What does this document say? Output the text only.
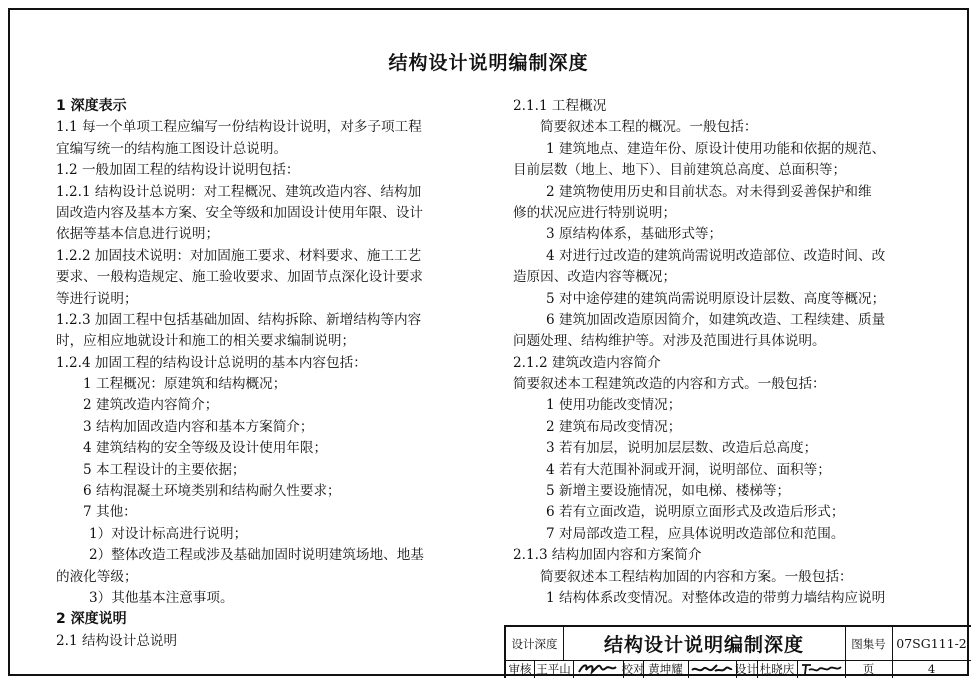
结构设计说明编制深度
1 深度表示
1.1 每一个单项工程应编写一份结构设计说明，对多子项工程
宜编写统一的结构施工图设计总说明。
1.2 一般加固工程的结构设计说明包括：
1.2.1 结构设计总说明：对工程概况、建筑改造内容、结构加
固改造内容及基本方案、安全等级和加固设计使用年限、设计
依据等基本信息进行说明；
1.2.2 加固技术说明：对加固施工要求、材料要求、施工工艺
要求、一般构造规定、施工验收要求、加固节点深化设计要求
等进行说明；
1.2.3 加固工程中包括基础加固、结构拆除、新增结构等内容
时，应相应地就设计和施工的相关要求编制说明；
1.2.4 加固工程的结构设计总说明的基本内容包括：
1 工程概况：原建筑和结构概况；
2 建筑改造内容简介；
3 结构加固改造内容和基本方案简介；
4 建筑结构的安全等级及设计使用年限；
5 本工程设计的主要依据；
6 结构混凝土环境类别和结构耐久性要求；
7 其他：
1）对设计标高进行说明；
2）整体改造工程或涉及基础加固时说明建筑场地、地基
的液化等级；
3）其他基本注意事项。
2 深度说明
2.1 结构设计总说明
2.1.1 工程概况
简要叙述本工程的概况。一般包括：
1 建筑地点、建造年份、原设计使用功能和依据的规范、
目前层数（地上、地下）、目前建筑总高度、总面积等；
2 建筑物使用历史和目前状态。对未得到妥善保护和维
修的状况应进行特别说明；
3 原结构体系，基础形式等；
4 对进行过改造的建筑尚需说明改造部位、改造时间、改
造原因、改造内容等概况；
5 对中途停建的建筑尚需说明原设计层数、高度等概况；
6 建筑加固改造原因简介，如建筑改造、工程续建、质量
问题处理、结构维护等。对涉及范围进行具体说明。
2.1.2 建筑改造内容简介
简要叙述本工程建筑改造的内容和方式。一般包括：
1 使用功能改变情况；
2 建筑布局改变情况；
3 若有加层，说明加层层数、改造后总高度；
4 若有大范围补洞或开洞，说明部位、面积等；
5 新增主要设施情况，如电梯、楼梯等；
6 若有立面改造，说明原立面形式及改造后形式；
7 对局部改造工程，应具体说明改造部位和范围。
2.1.3 结构加固内容和方案简介
简要叙述本工程结构加固的内容和方案。一般包括：
1 结构体系改变情况。对整体改造的带剪力墙结构应说明
设计深度	结构设计说明编制深度	图集号 07SG111-2
审核 王平山	校对 黄坤耀	设计 杜晓庆	页	4
